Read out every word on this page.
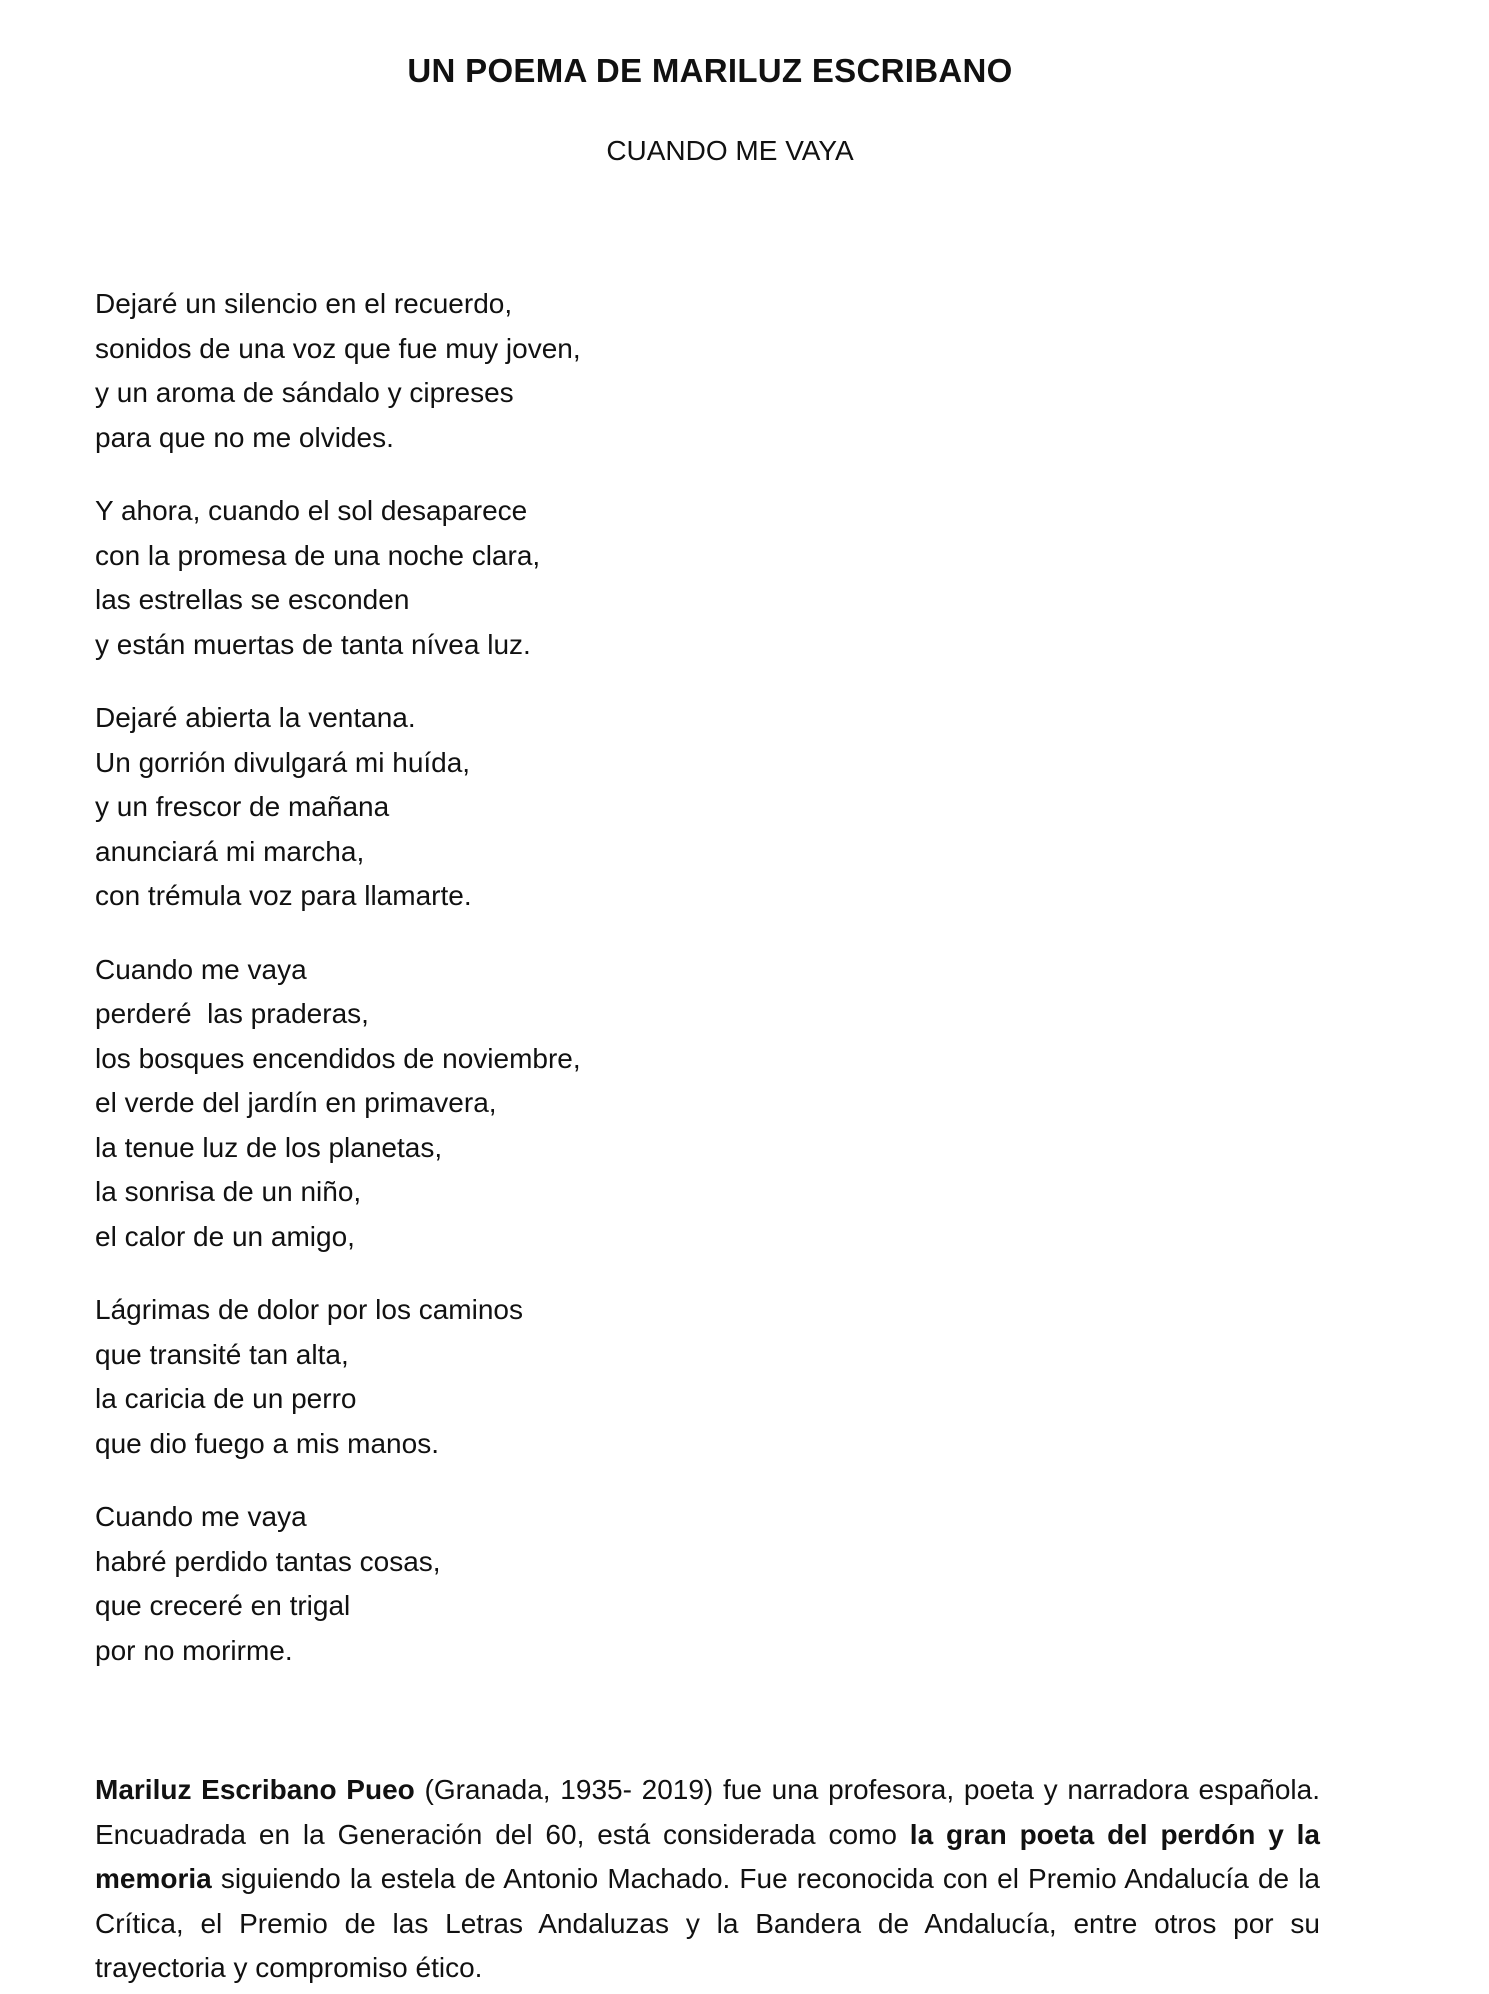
UN POEMA DE MARILUZ ESCRIBANO
CUANDO ME VAYA
Dejaré un silencio en el recuerdo,
sonidos de una voz que fue muy joven,
y un aroma de sándalo y cipreses
para que no me olvides.
Y ahora, cuando el sol desaparece
con la promesa de una noche clara,
las estrellas se esconden
y están muertas de tanta nívea luz.
Dejaré abierta la ventana.
Un gorrión divulgará mi huída,
y un frescor de mañana
anunciará mi marcha,
con trémula voz para llamarte.
Cuando me vaya
perderé  las praderas,
los bosques encendidos de noviembre,
el verde del jardín en primavera,
la tenue luz de los planetas,
la sonrisa de un niño,
el calor de un amigo,
Lágrimas de dolor por los caminos
que transité tan alta,
la caricia de un perro
que dio fuego a mis manos.
Cuando me vaya
habré perdido tantas cosas,
que creceré en trigal
por no morirme.

Mariluz Escribano Pueo (Granada, 1935- 2019) fue una profesora, poeta y narradora española. Encuadrada en la Generación del 60, está considerada como la gran poeta del perdón y la memoria siguiendo la estela de Antonio Machado. Fue reconocida con el Premio Andalucía de la Crítica, el Premio de las Letras Andaluzas y la Bandera de Andalucía, entre otros por su trayectoria y compromiso ético.
